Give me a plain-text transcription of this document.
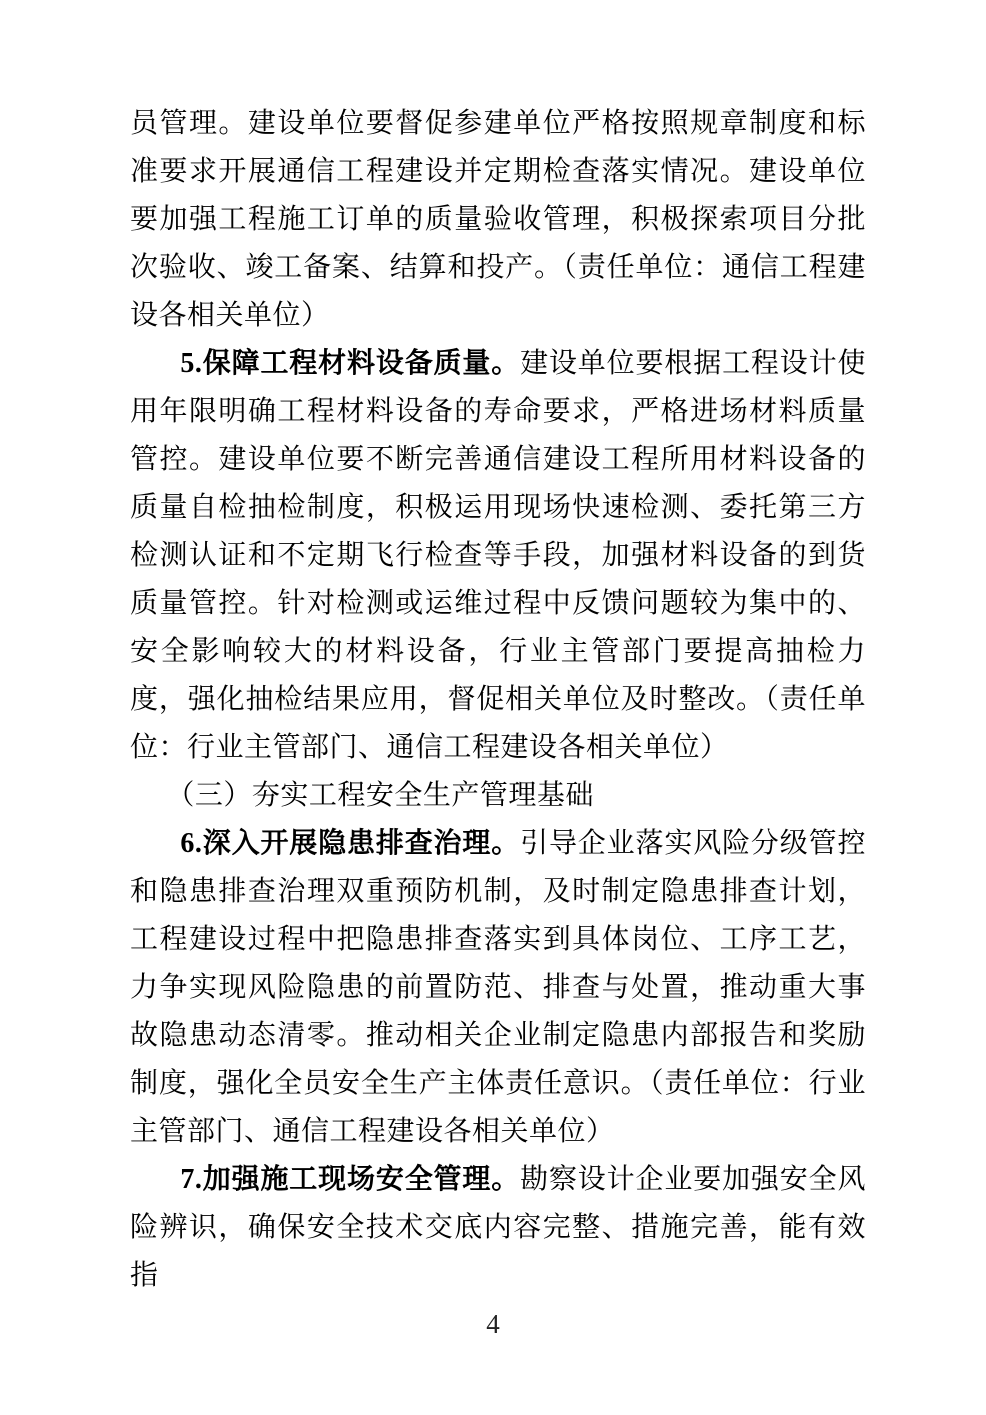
员管理。建设单位要督促参建单位严格按照规章制度和标准要求开展通信工程建设并定期检查落实情况。建设单位要加强工程施工订单的质量验收管理，积极探索项目分批次验收、竣工备案、结算和投产。（责任单位：通信工程建设各相关单位）

5.保障工程材料设备质量。建设单位要根据工程设计使用年限明确工程材料设备的寿命要求，严格进场材料质量管控。建设单位要不断完善通信建设工程所用材料设备的质量自检抽检制度，积极运用现场快速检测、委托第三方检测认证和不定期飞行检查等手段，加强材料设备的到货质量管控。针对检测或运维过程中反馈问题较为集中的、安全影响较大的材料设备，行业主管部门要提高抽检力度，强化抽检结果应用，督促相关单位及时整改。（责任单位：行业主管部门、通信工程建设各相关单位）

（三）夯实工程安全生产管理基础

6.深入开展隐患排查治理。引导企业落实风险分级管控和隐患排查治理双重预防机制，及时制定隐患排查计划，工程建设过程中把隐患排查落实到具体岗位、工序工艺，力争实现风险隐患的前置防范、排查与处置，推动重大事故隐患动态清零。推动相关企业制定隐患内部报告和奖励制度，强化全员安全生产主体责任意识。（责任单位：行业主管部门、通信工程建设各相关单位）

7.加强施工现场安全管理。勘察设计企业要加强安全风险辨识，确保安全技术交底内容完整、措施完善，能有效指

4
